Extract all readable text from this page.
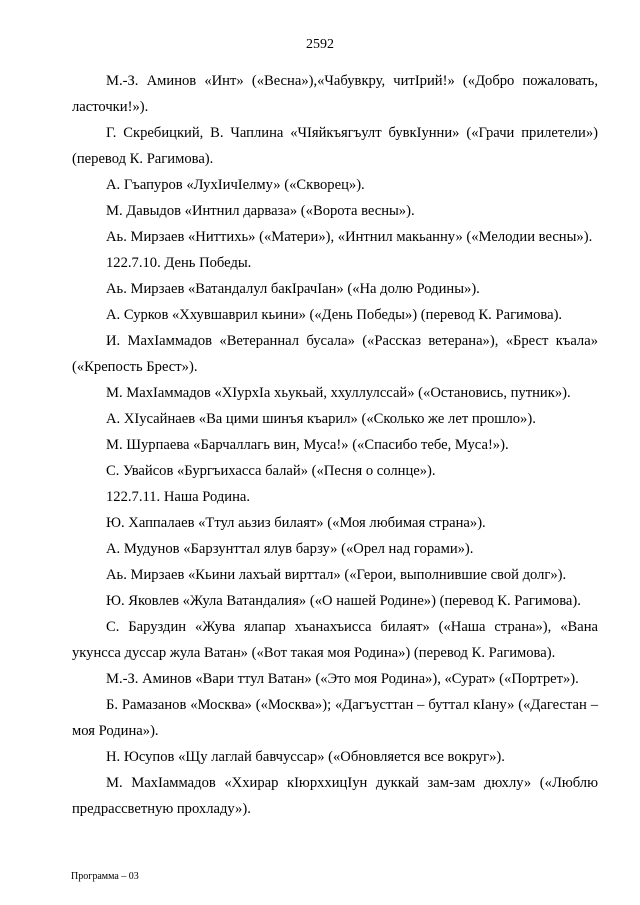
2592

М.-З. Аминов «Инт» («Весна»),«Чабувкру, читIрий!» («Добро пожаловать, ласточки!»).

Г. Скребицкий, В. Чаплина «ЧIяйкъягъулт бувкIунни» («Грачи прилетели») (перевод К. Рагимова).

А. Гъапуров «ЛухIичIелму» («Скворец»).

М. Давыдов «Интнил дарваза» («Ворота весны»).

Аь. Мирзаев «Ниттихь» («Матери»), «Интнил макьанну» («Мелодии весны»).

122.7.10. День Победы.

Аь. Мирзаев «Ватандалул бакIрачIан» («На долю Родины»).

А. Сурков «Ххувшаврил кьини» («День Победы») (перевод К. Рагимова).

И. МахIаммадов «Ветераннал бусала» («Рассказ ветерана»), «Брест къала» («Крепость Брест»).

М. МахIаммадов «ХIурхIа хьукьай, ххуллулссай» («Остановись, путник»).

А. ХIусайнаев «Ва цими шинъя къарил» («Сколько же лет прошло»).

М. Шурпаева «Барчаллагь вин, Муса!» («Спасибо тебе, Муса!»).

С. Увайсов «Бургъихасса балай» («Песня о солнце»).

122.7.11. Наша Родина.

Ю. Хаппалаев «Ттул аьзиз билаят» («Моя любимая страна»).

А. Мудунов «Барзунттал ялув барзу» («Орел над горами»).

Аь. Мирзаев «Кьини лахъай вирттал» («Герои, выполнившие свой долг»).

Ю. Яковлев «Жула Ватандалия» («О нашей Родине») (перевод К. Рагимова).

С. Баруздин «Жува ялапар хъанахъисса билаят» («Наша страна»), «Вана укунсса дуссар жула Ватан» («Вот такая моя Родина») (перевод К. Рагимова).

М.-З. Аминов «Вари ттул Ватан» («Это моя Родина»), «Сурат» («Портрет»).

Б. Рамазанов «Москва» («Москва»); «Дагъусттан – буттал кIану» («Дагестан – моя Родина»).

Н. Юсупов «Щу лаглай бавчуссар» («Обновляется все вокруг»).

М. МахIаммадов «Ххирар кIюрххицIун дуккай зам-зам дюхлу» («Люблю предрассветную прохладу»).

Программа – 03
